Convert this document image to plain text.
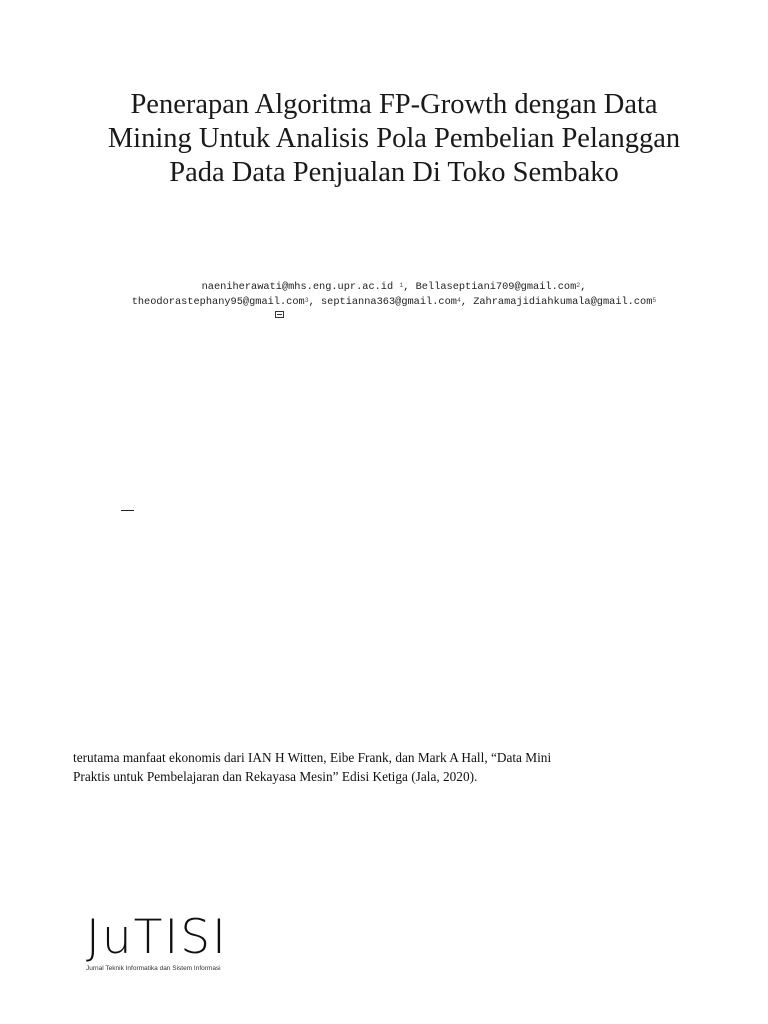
Penerapan Algoritma FP-Growth dengan Data
Mining Untuk Analisis Pola Pembelian Pelanggan
Pada Data Penjualan Di Toko Sembako
naeniherawati@mhs.eng.upr.ac.id $^1$, Bellaseptiani709@gmail.com$^2$,
theodorastephany95@gmail.com$^3$, septianna363@gmail.com$^4$, Zahramajidiahkumala@gmail.com$^5$
terutama manfaat ekonomis dari IAN H Witten, Eibe Frank, dan Mark A Hall, “Data Mini
Praktis untuk Pembelajaran dan Rekayasa Mesin” Edisi Ketiga (Jala, 2020).
JuTISI
Jurnal Teknik Informatika dan Sistem Informasi
